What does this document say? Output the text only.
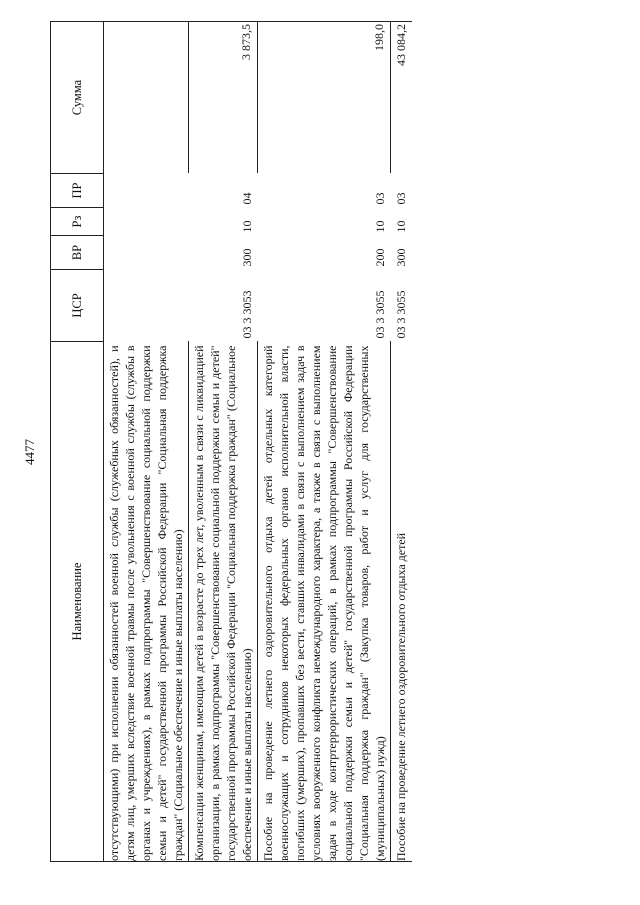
4477
Наименование	ЦСР	ВР	Рз	ПР	Сумма
отсутствующими) при исполнении обязанностей военной службы (служебных обязанностей), и детям лиц, умерших вследствие военной травмы после увольнения с военной службы (службы в органах и учреждениях), в рамках подпрограммы "Совершенствование социальной поддержки семьи и детей" государственной программы Российской Федерации "Социальная поддержка граждан" (Социальное обеспечение и иные выплаты населению)					
Компенсации женщинам, имеющим детей в возрасте до трех лет, уволенным в связи с ликвидацией организации, в рамках подпрограммы "Совершенствование социальной поддержки семьи и детей" государственной программы Российской Федерации "Социальная поддержка граждан" (Социальное обеспечение и иные выплаты населению)	03 3 3053	300	10	04	3 873,5
Пособие на проведение летнего оздоровительного отдыха детей отдельных категорий военнослужащих и сотрудников некоторых федеральных органов исполнительной власти, погибших (умерших), пропавших без вести, ставших инвалидами в связи с выполнением задач в условиях вооруженного конфликта немеждународного характера, а также в связи с выполнением задач в ходе контртеррористических операций, в рамках подпрограммы "Совершенствование социальной поддержки семьи и детей" государственной программы Российской Федерации "Социальная поддержка граждан" (Закупка товаров, работ и услуг для государственных (муниципальных) нужд)	03 3 3055	200	10	03	198,0
Пособие на проведение летнего оздоровительного отдыха детей	03 3 3055	300	10	03	43 084,2
